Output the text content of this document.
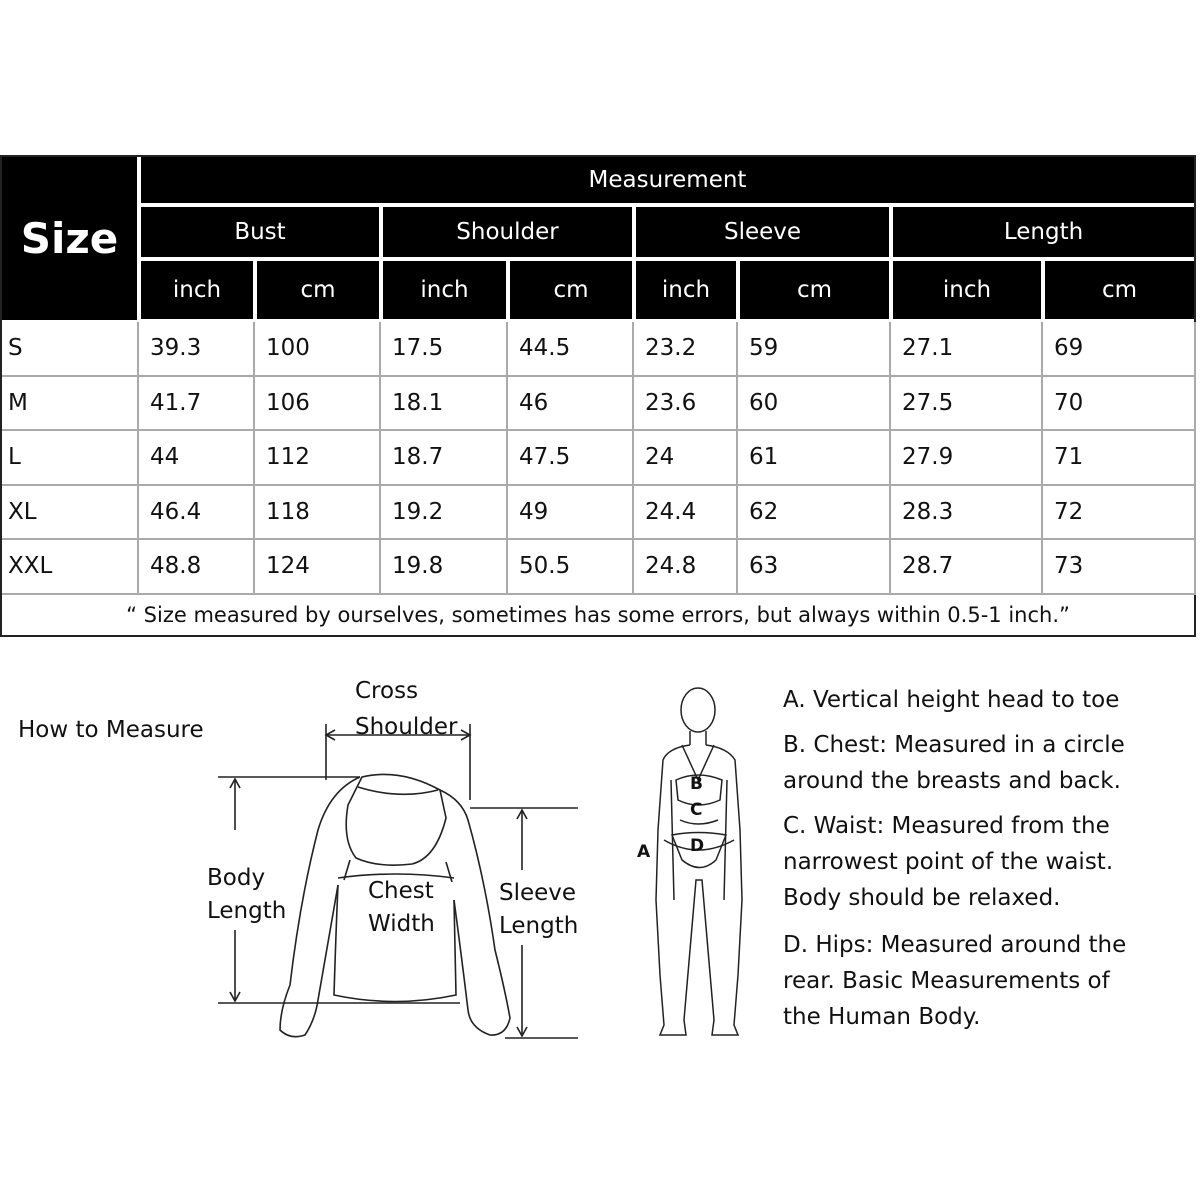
Size
Measurement
Bust	Shoulder	Sleeve	Length
inch	cm	inch	cm	inch	cm	inch	cm
S	39.3	100	17.5	44.5	23.2	59	27.1	69
M	41.7	106	18.1	46	23.6	60	27.5	70
L	44	112	18.7	47.5	24	61	27.9	71
XL	46.4	118	19.2	49	24.4	62	28.3	72
XXL	48.8	124	19.8	50.5	24.8	63	28.7	73
“ Size measured by ourselves, sometimes has some errors, but always within 0.5-1 inch.”
How to Measure
Cross
Shoulder
Body
Length
Chest
Width
Sleeve
Length
A
B
C
D
A. Vertical height head to toe
B. Chest: Measured in a circle
around the breasts and back.
C. Waist: Measured from the
narrowest point of the waist.
Body should be relaxed.
D. Hips: Measured around the
rear. Basic Measurements of
the Human Body.
